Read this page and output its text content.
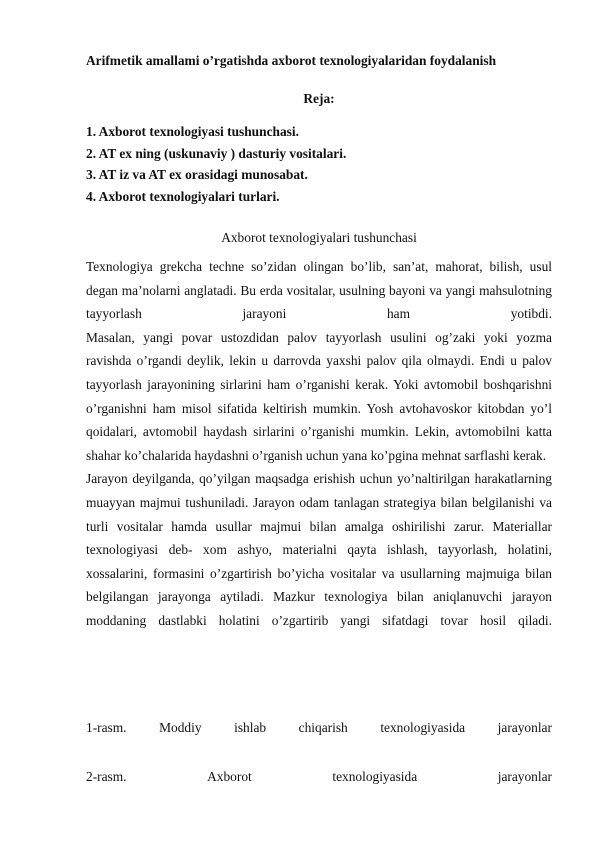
Arifmetik amallami o’rgatishda axborot texnologiyalaridan foydalanish
Reja:
1. Axborot texnologiyasi tushunchasi.
2. AT ex ning (uskunaviy ) dasturiy vositalari.
3. AT iz va AT ex orasidagi munosabat.
4. Axborot texnologiyalari turlari.
Axborot texnologiyalari tushunchasi

Texnologiya grekcha techne so’zidan olingan bo’lib, san’at, mahorat, bilish, usul degan ma’nolarni anglatadi. Bu erda vositalar, usulning bayoni va yangi mahsulotning tayyorlash jarayoni ham yotibdi.

Masalan, yangi povar ustozdidan palov tayyorlash usulini og’zaki yoki yozma ravishda o’rgandi deylik, lekin u darrovda yaxshi palov qila olmaydi. Endi u palov tayyorlash jarayonining sirlarini ham o’rganishi kerak. Yoki avtomobil boshqarishni o’rganishni ham misol sifatida keltirish mumkin. Yosh avtohavoskor kitobdan yo’l qoidalari, avtomobil haydash sirlarini o’rganishi mumkin. Lekin, avtomobilni katta shahar ko’chalarida haydashni o’rganish uchun yana ko’pgina mehnat sarflashi kerak.

Jarayon deyilganda, qo’yilgan maqsadga erishish uchun yo’naltirilgan harakatlarning muayyan majmui tushuniladi. Jarayon odam tanlagan strategiya bilan belgilanishi va turli vositalar hamda usullar majmui bilan amalga oshirilishi zarur. Materiallar texnologiyasi deb- xom ashyo, materialni qayta ishlash, tayyorlash, holatini, xossalarini, formasini o’zgartirish bo’yicha vositalar va usullarning majmuiga bilan belgilangan jarayonga aytiladi. Mazkur texnologiya bilan aniqlanuvchi jarayon moddaning dastlabki holatini o’zgartirib yangi sifatdagi tovar hosil qiladi.

1-rasm. Moddiy ishlab chiqarish texnologiyasida jarayonlar
2-rasm.	Axborot	texnologiyasida	jarayonlar
